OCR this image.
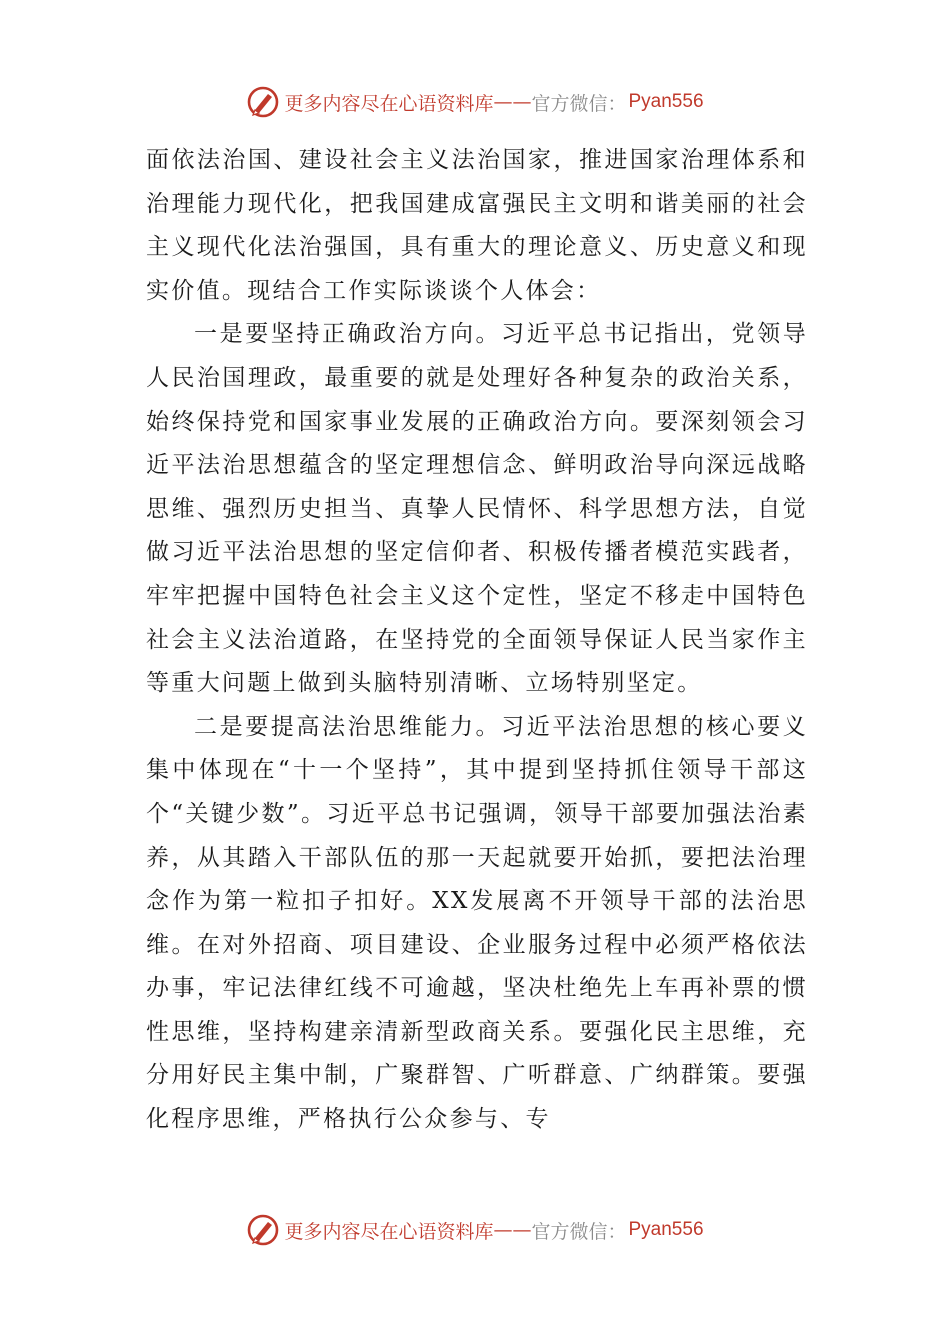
更多内容尽在心语资料库 —— 官方微信： Pyan556

面依法治国、建设社会主义法治国家，推进国家治理体系和治理能力现代化，把我国建成富强民主文明和谐美丽的社会主义现代化法治强国，具有重大的理论意义、历史意义和现实价值。现结合工作实际谈谈个人体会：

一是要坚持正确政治方向。习近平总书记指出，党领导人民治国理政，最重要的就是处理好各种复杂的政治关系，始终保持党和国家事业发展的正确政治方向。要深刻领会习近平法治思想蕴含的坚定理想信念、鲜明政治导向深远战略思维、强烈历史担当、真挚人民情怀、科学思想方法，自觉做习近平法治思想的坚定信仰者、积极传播者模范实践者，牢牢把握中国特色社会主义这个定性，坚定不移走中国特色社会主义法治道路，在坚持党的全面领导保证人民当家作主等重大问题上做到头脑特别清晰、立场特别坚定。

二是要提高法治思维能力。习近平法治思想的核心要义集中体现在“十一个坚持”，其中提到坚持抓住领导干部这个“关键少数”。习近平总书记强调，领导干部要加强法治素养，从其踏入干部队伍的那一天起就要开始抓，要把法治理念作为第一粒扣子扣好。XX发展离不开领导干部的法治思维。在对外招商、项目建设、企业服务过程中必须严格依法办事，牢记法律红线不可逾越，坚决杜绝先上车再补票的惯性思维，坚持构建亲清新型政商关系。要强化民主思维，充分用好民主集中制，广聚群智、广听群意、广纳群策。要强化程序思维，严格执行公众参与、专

更多内容尽在心语资料库 —— 官方微信： Pyan556
